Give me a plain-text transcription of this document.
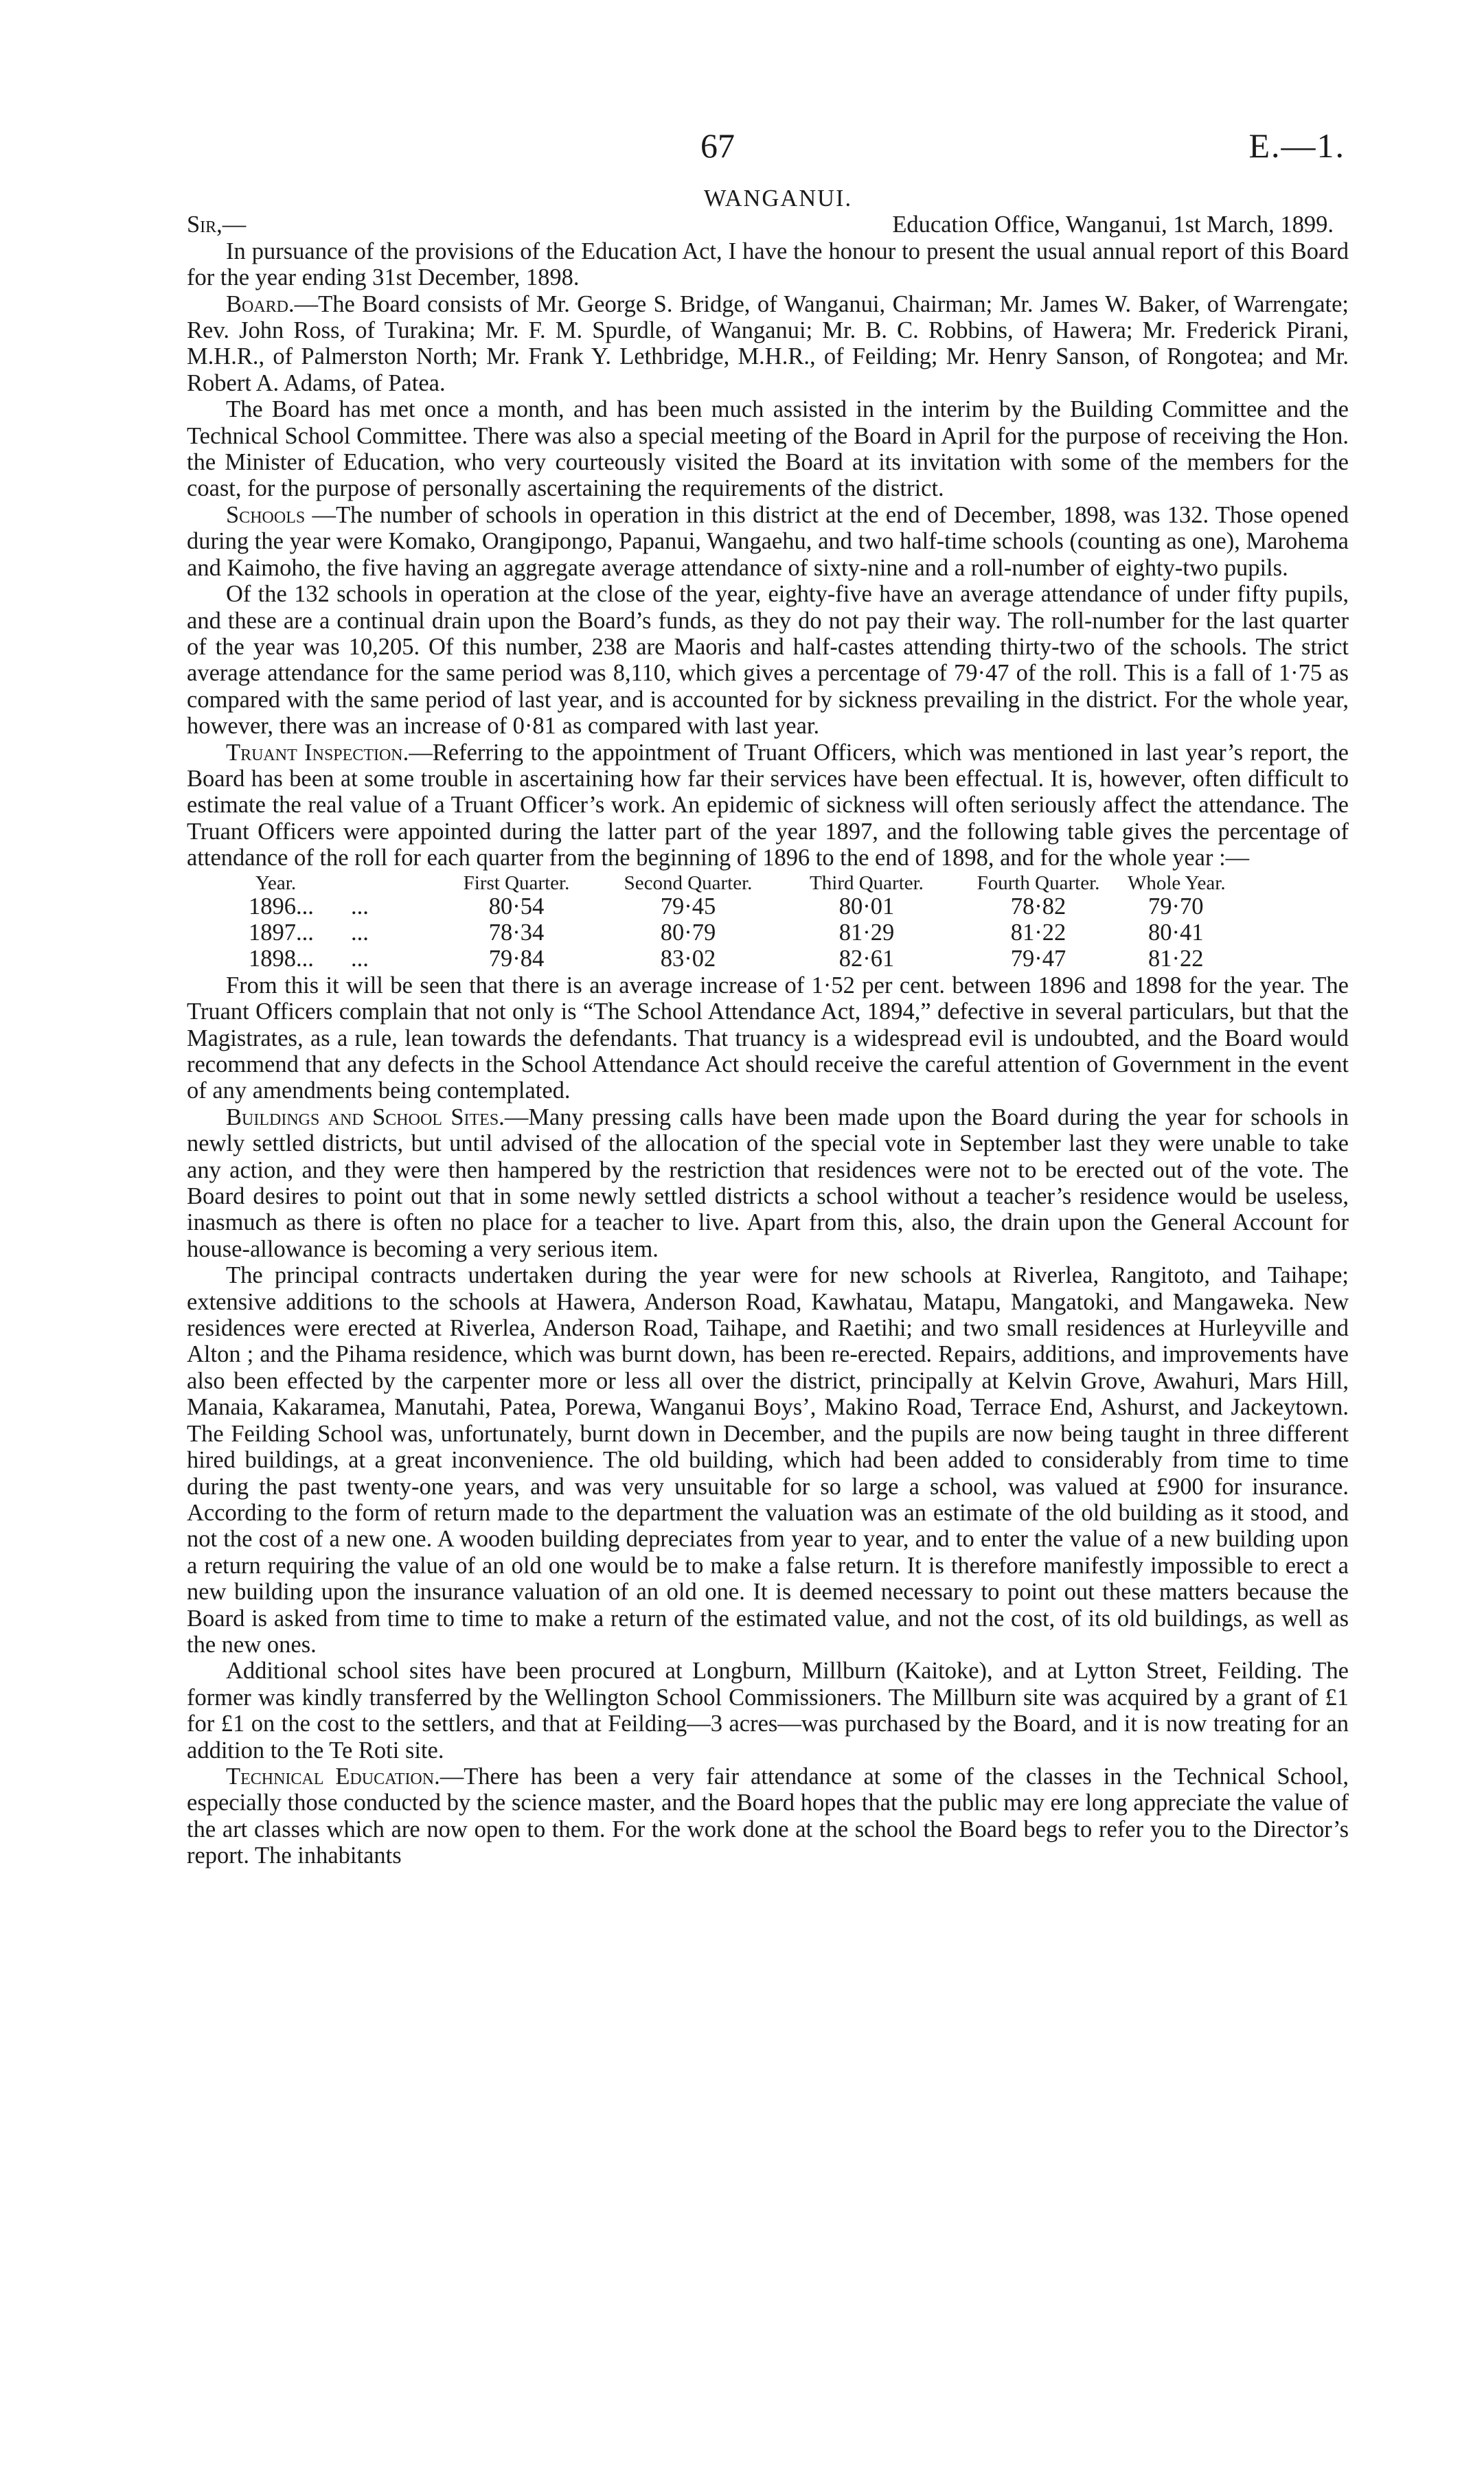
67	E.—1.
WANGANUI.
Sir,—	Education Office, Wanganui, 1st March, 1899.

In pursuance of the provisions of the Education Act, I have the honour to present the usual annual report of this Board for the year ending 31st December, 1898.

Board.—The Board consists of Mr. George S. Bridge, of Wanganui, Chairman; Mr. James W. Baker, of Warrengate; Rev. John Ross, of Turakina; Mr. F. M. Spurdle, of Wanganui; Mr. B. C. Robbins, of Hawera; Mr. Frederick Pirani, M.H.R., of Palmerston North; Mr. Frank Y. Lethbridge, M.H.R., of Feilding; Mr. Henry Sanson, of Rongotea; and Mr. Robert A. Adams, of Patea.

The Board has met once a month, and has been much assisted in the interim by the Building Committee and the Technical School Committee. There was also a special meeting of the Board in April for the purpose of receiving the Hon. the Minister of Education, who very courteously visited the Board at its invitation with some of the members for the coast, for the purpose of personally ascertaining the requirements of the district.

Schools —The number of schools in operation in this district at the end of December, 1898, was 132. Those opened during the year were Komako, Orangipongo, Papanui, Wangaehu, and two half-time schools (counting as one), Marohema and Kaimoho, the five having an aggregate average attendance of sixty-nine and a roll-number of eighty-two pupils.

Of the 132 schools in operation at the close of the year, eighty-five have an average attendance of under fifty pupils, and these are a continual drain upon the Board’s funds, as they do not pay their way. The roll-number for the last quarter of the year was 10,205. Of this number, 238 are Maoris and half-castes attending thirty-two of the schools. The strict average attendance for the same period was 8,110, which gives a percentage of 79·47 of the roll. This is a fall of 1·75 as compared with the same period of last year, and is accounted for by sickness prevailing in the district. For the whole year, however, there was an increase of 0·81 as compared with last year.

Truant Inspection.—Referring to the appointment of Truant Officers, which was mentioned in last year’s report, the Board has been at some trouble in ascertaining how far their services have been effectual. It is, however, often difficult to estimate the real value of a Truant Officer’s work. An epidemic of sickness will often seriously affect the attendance. The Truant Officers were appointed during the latter part of the year 1897, and the following table gives the percentage of attendance of the roll for each quarter from the beginning of 1896 to the end of 1898, and for the whole year :—

Year.	First Quarter.	Second Quarter.	Third Quarter.	Fourth Quarter.	Whole Year.
1896... ...	80·54	79·45	80·01	78·82	79·70
1897... ...	78·34	80·79	81·29	81·22	80·41
1898... ...	79·84	83·02	82·61	79·47	81·22

From this it will be seen that there is an average increase of 1·52 per cent. between 1896 and 1898 for the year. The Truant Officers complain that not only is “The School Attendance Act, 1894,” defective in several particulars, but that the Magistrates, as a rule, lean towards the defendants. That truancy is a widespread evil is undoubted, and the Board would recommend that any defects in the School Attendance Act should receive the careful attention of Government in the event of any amendments being contemplated.

Buildings and School Sites.—Many pressing calls have been made upon the Board during the year for schools in newly settled districts, but until advised of the allocation of the special vote in September last they were unable to take any action, and they were then hampered by the restriction that residences were not to be erected out of the vote. The Board desires to point out that in some newly settled districts a school without a teacher’s residence would be useless, inasmuch as there is often no place for a teacher to live. Apart from this, also, the drain upon the General Account for house-allowance is becoming a very serious item.

The principal contracts undertaken during the year were for new schools at Riverlea, Rangitoto, and Taihape; extensive additions to the schools at Hawera, Anderson Road, Kawhatau, Matapu, Mangatoki, and Mangaweka. New residences were erected at Riverlea, Anderson Road, Taihape, and Raetihi; and two small residences at Hurleyville and Alton ; and the Pihama residence, which was burnt down, has been re-erected. Repairs, additions, and improvements have also been effected by the carpenter more or less all over the district, principally at Kelvin Grove, Awahuri, Mars Hill, Manaia, Kakaramea, Manutahi, Patea, Porewa, Wanganui Boys’, Makino Road, Terrace End, Ashurst, and Jackeytown. The Feilding School was, unfortunately, burnt down in December, and the pupils are now being taught in three different hired buildings, at a great inconvenience. The old building, which had been added to considerably from time to time during the past twenty-one years, and was very unsuitable for so large a school, was valued at £900 for insurance. According to the form of return made to the department the valuation was an estimate of the old building as it stood, and not the cost of a new one. A wooden building depreciates from year to year, and to enter the value of a new building upon a return requiring the value of an old one would be to make a false return. It is therefore manifestly impossible to erect a new building upon the insurance valuation of an old one. It is deemed necessary to point out these matters because the Board is asked from time to time to make a return of the estimated value, and not the cost, of its old buildings, as well as the new ones.

Additional school sites have been procured at Longburn, Millburn (Kaitoke), and at Lytton Street, Feilding. The former was kindly transferred by the Wellington School Commissioners. The Millburn site was acquired by a grant of £1 for £1 on the cost to the settlers, and that at Feilding—3 acres—was purchased by the Board, and it is now treating for an addition to the Te Roti site.

Technical Education.—There has been a very fair attendance at some of the classes in the Technical School, especially those conducted by the science master, and the Board hopes that the public may ere long appreciate the value of the art classes which are now open to them. For the work done at the school the Board begs to refer you to the Director’s report. The inhabitants
